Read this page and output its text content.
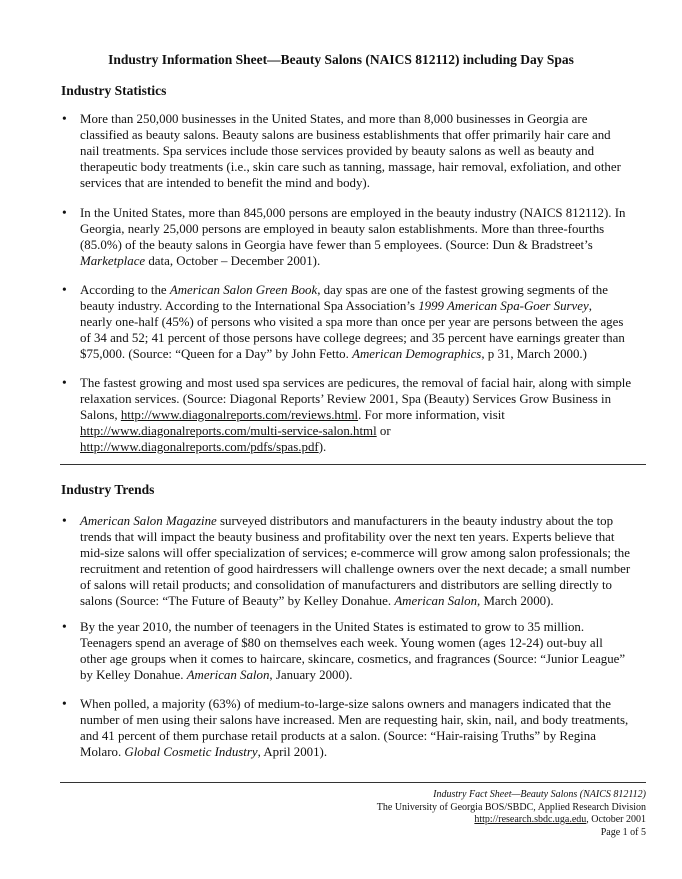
Industry Information Sheet—Beauty Salons (NAICS 812112) including Day Spas
Industry Statistics
• More than 250,000 businesses in the United States, and more than 8,000 businesses in Georgia are
classified as beauty salons. Beauty salons are business establishments that offer primarily hair care and
nail treatments. Spa services include those services provided by beauty salons as well as beauty and
therapeutic body treatments (i.e., skin care such as tanning, massage, hair removal, exfoliation, and other
services that are intended to benefit the mind and body).
• In the United States, more than 845,000 persons are employed in the beauty industry (NAICS 812112). In
Georgia, nearly 25,000 persons are employed in beauty salon establishments. More than three-fourths
(85.0%) of the beauty salons in Georgia have fewer than 5 employees. (Source: Dun & Bradstreet’s
Marketplace data, October – December 2001).
• According to the American Salon Green Book, day spas are one of the fastest growing segments of the
beauty industry. According to the International Spa Association’s 1999 American Spa-Goer Survey,
nearly one-half (45%) of persons who visited a spa more than once per year are persons between the ages
of 34 and 52; 41 percent of those persons have college degrees; and 35 percent have earnings greater than
$75,000. (Source: “Queen for a Day” by John Fetto. American Demographics, p 31, March 2000.)
• The fastest growing and most used spa services are pedicures, the removal of facial hair, along with simple
relaxation services. (Source: Diagonal Reports’ Review 2001, Spa (Beauty) Services Grow Business in
Salons, http://www.diagonalreports.com/reviews.html. For more information, visit
http://www.diagonalreports.com/multi-service-salon.html or
http://www.diagonalreports.com/pdfs/spas.pdf).
Industry Trends
• American Salon Magazine surveyed distributors and manufacturers in the beauty industry about the top
trends that will impact the beauty business and profitability over the next ten years. Experts believe that
mid-size salons will offer specialization of services; e-commerce will grow among salon professionals; the
recruitment and retention of good hairdressers will challenge owners over the next decade; a small number
of salons will retail products; and consolidation of manufacturers and distributors are selling directly to
salons (Source: “The Future of Beauty” by Kelley Donahue. American Salon, March 2000).
• By the year 2010, the number of teenagers in the United States is estimated to grow to 35 million.
Teenagers spend an average of $80 on themselves each week. Young women (ages 12-24) out-buy all
other age groups when it comes to haircare, skincare, cosmetics, and fragrances (Source: “Junior League”
by Kelley Donahue. American Salon, January 2000).
• When polled, a majority (63%) of medium-to-large-size salons owners and managers indicated that the
number of men using their salons have increased. Men are requesting hair, skin, nail, and body treatments,
and 41 percent of them purchase retail products at a salon. (Source: “Hair-raising Truths” by Regina
Molaro. Global Cosmetic Industry, April 2001).
Industry Fact Sheet—Beauty Salons (NAICS 812112)
The University of Georgia BOS/SBDC, Applied Research Division
http://research.sbdc.uga.edu, October 2001
Page 1 of 5
